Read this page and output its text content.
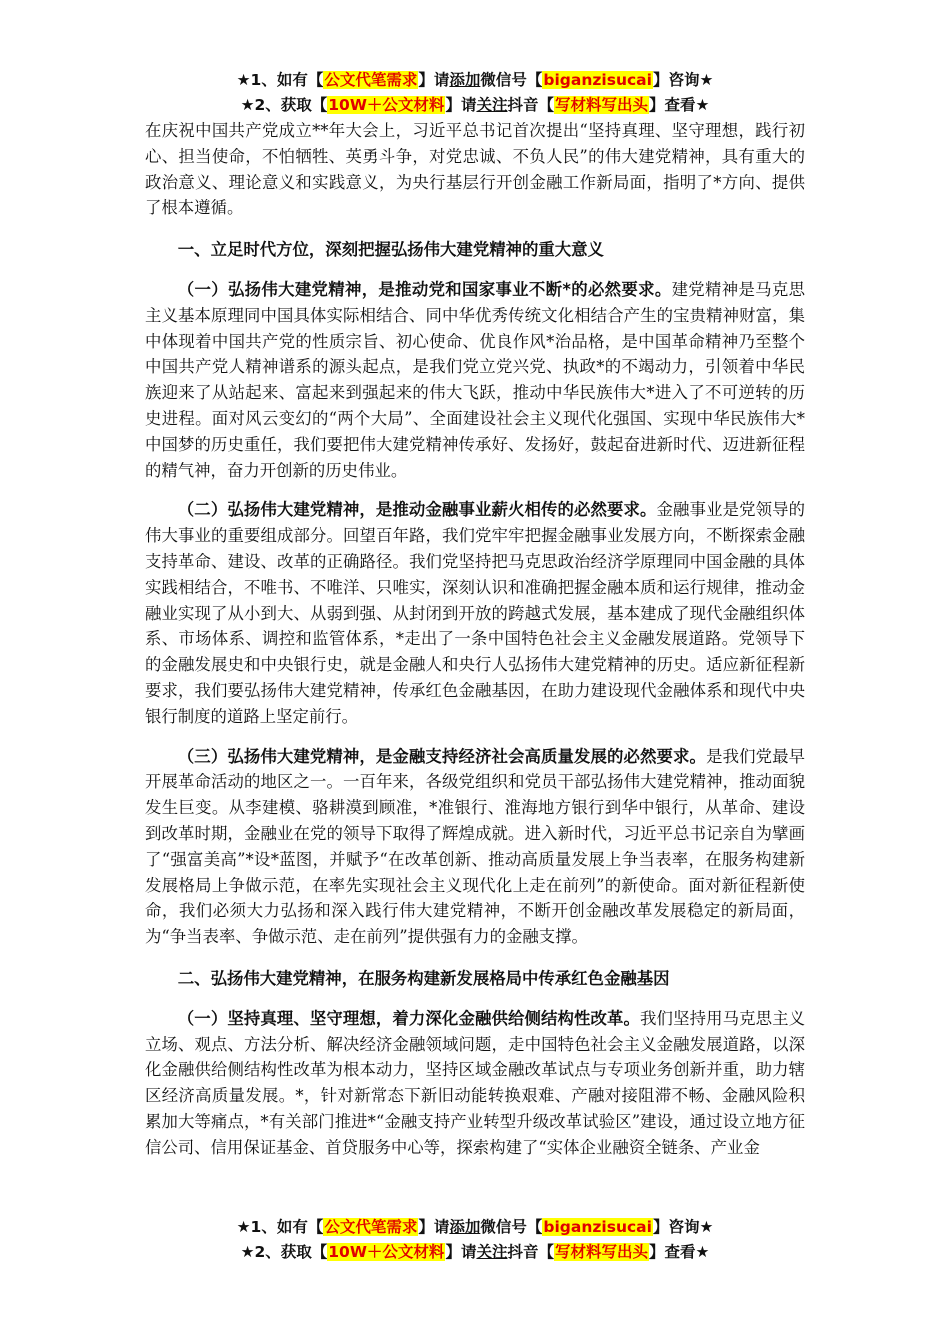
★1、如有【公文代笔需求】请添加微信号【biganzisucai】咨询★
★2、获取【10W＋公文材料】请关注抖音【写材料写出头】查看★

在庆祝中国共产党成立**年大会上，习近平总书记首次提出“坚持真理、坚守理想，践行初心、担当使命，不怕牺牲、英勇斗争，对党忠诚、不负人民”的伟大建党精神，具有重大的政治意义、理论意义和实践意义，为央行基层行开创金融工作新局面，指明了*方向、提供了根本遵循。

一、立足时代方位，深刻把握弘扬伟大建党精神的重大意义

（一）弘扬伟大建党精神，是推动党和国家事业不断*的必然要求。建党精神是马克思主义基本原理同中国具体实际相结合、同中华优秀传统文化相结合产生的宝贵精神财富，集中体现着中国共产党的性质宗旨、初心使命、优良作风*治品格，是中国革命精神乃至整个中国共产党人精神谱系的源头起点，是我们党立党兴党、执政*的不竭动力，引领着中华民族迎来了从站起来、富起来到强起来的伟大飞跃，推动中华民族伟大*进入了不可逆转的历史进程。面对风云变幻的“两个大局”、全面建设社会主义现代化强国、实现中华民族伟大*中国梦的历史重任，我们要把伟大建党精神传承好、发扬好，鼓起奋进新时代、迈进新征程的精气神，奋力开创新的历史伟业。

（二）弘扬伟大建党精神，是推动金融事业薪火相传的必然要求。金融事业是党领导的伟大事业的重要组成部分。回望百年路，我们党牢牢把握金融事业发展方向，不断探索金融支持革命、建设、改革的正确路径。我们党坚持把马克思政治经济学原理同中国金融的具体实践相结合，不唯书、不唯洋、只唯实，深刻认识和准确把握金融本质和运行规律，推动金融业实现了从小到大、从弱到强、从封闭到开放的跨越式发展，基本建成了现代金融组织体系、市场体系、调控和监管体系，*走出了一条中国特色社会主义金融发展道路。党领导下的金融发展史和中央银行史，就是金融人和央行人弘扬伟大建党精神的历史。适应新征程新要求，我们要弘扬伟大建党精神，传承红色金融基因，在助力建设现代金融体系和现代中央银行制度的道路上坚定前行。

（三）弘扬伟大建党精神，是金融支持经济社会高质量发展的必然要求。是我们党最早开展革命活动的地区之一。一百年来，各级党组织和党员干部弘扬伟大建党精神，推动面貌发生巨变。从李建模、骆耕漠到顾准，*准银行、淮海地方银行到华中银行，从革命、建设到改革时期，金融业在党的领导下取得了辉煌成就。进入新时代，习近平总书记亲自为擘画了“强富美高”*设*蓝图，并赋予“在改革创新、推动高质量发展上争当表率，在服务构建新发展格局上争做示范，在率先实现社会主义现代化上走在前列”的新使命。面对新征程新使命，我们必须大力弘扬和深入践行伟大建党精神，不断开创金融改革发展稳定的新局面，为“争当表率、争做示范、走在前列”提供强有力的金融支撑。

二、弘扬伟大建党精神，在服务构建新发展格局中传承红色金融基因

（一）坚持真理、坚守理想，着力深化金融供给侧结构性改革。我们坚持用马克思主义立场、观点、方法分析、解决经济金融领域问题，走中国特色社会主义金融发展道路，以深化金融供给侧结构性改革为根本动力，坚持区域金融改革试点与专项业务创新并重，助力辖区经济高质量发展。*，针对新常态下新旧动能转换艰难、产融对接阻滞不畅、金融风险积累加大等痛点，*有关部门推进*“金融支持产业转型升级改革试验区”建设，通过设立地方征信公司、信用保证基金、首贷服务中心等，探索构建了“实体企业融资全链条、产业金

★1、如有【公文代笔需求】请添加微信号【biganzisucai】咨询★
★2、获取【10W＋公文材料】请关注抖音【写材料写出头】查看★
